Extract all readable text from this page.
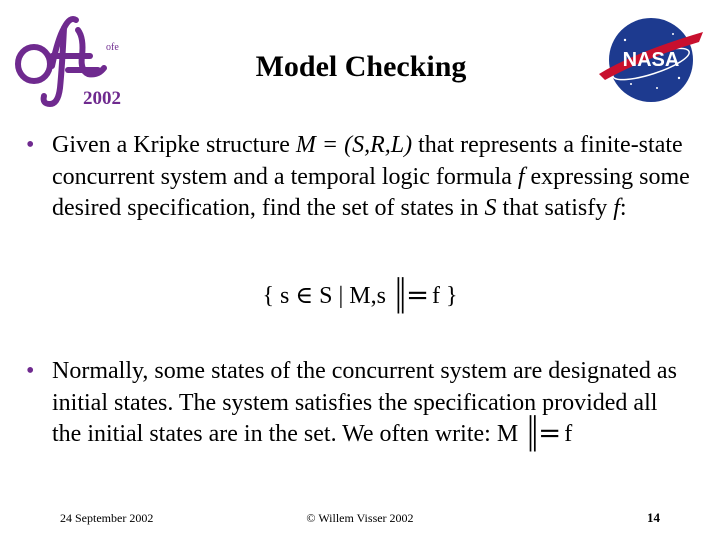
ofe
2002
Model Checking	NASA
• Given a Kripke structure M = (S,R,L) that represents a finite-state concurrent system and a temporal logic formula f expressing some desired specification, find the set of states in S that satisfy f:
{ s ∈ S | M,s ║═ f }
• Normally, some states of the concurrent system are designated as initial states. The system satisfies the specification provided all the initial states are in the set. We often write: M ║═ f
24 September 2002	© Willem Visser 2002	14
